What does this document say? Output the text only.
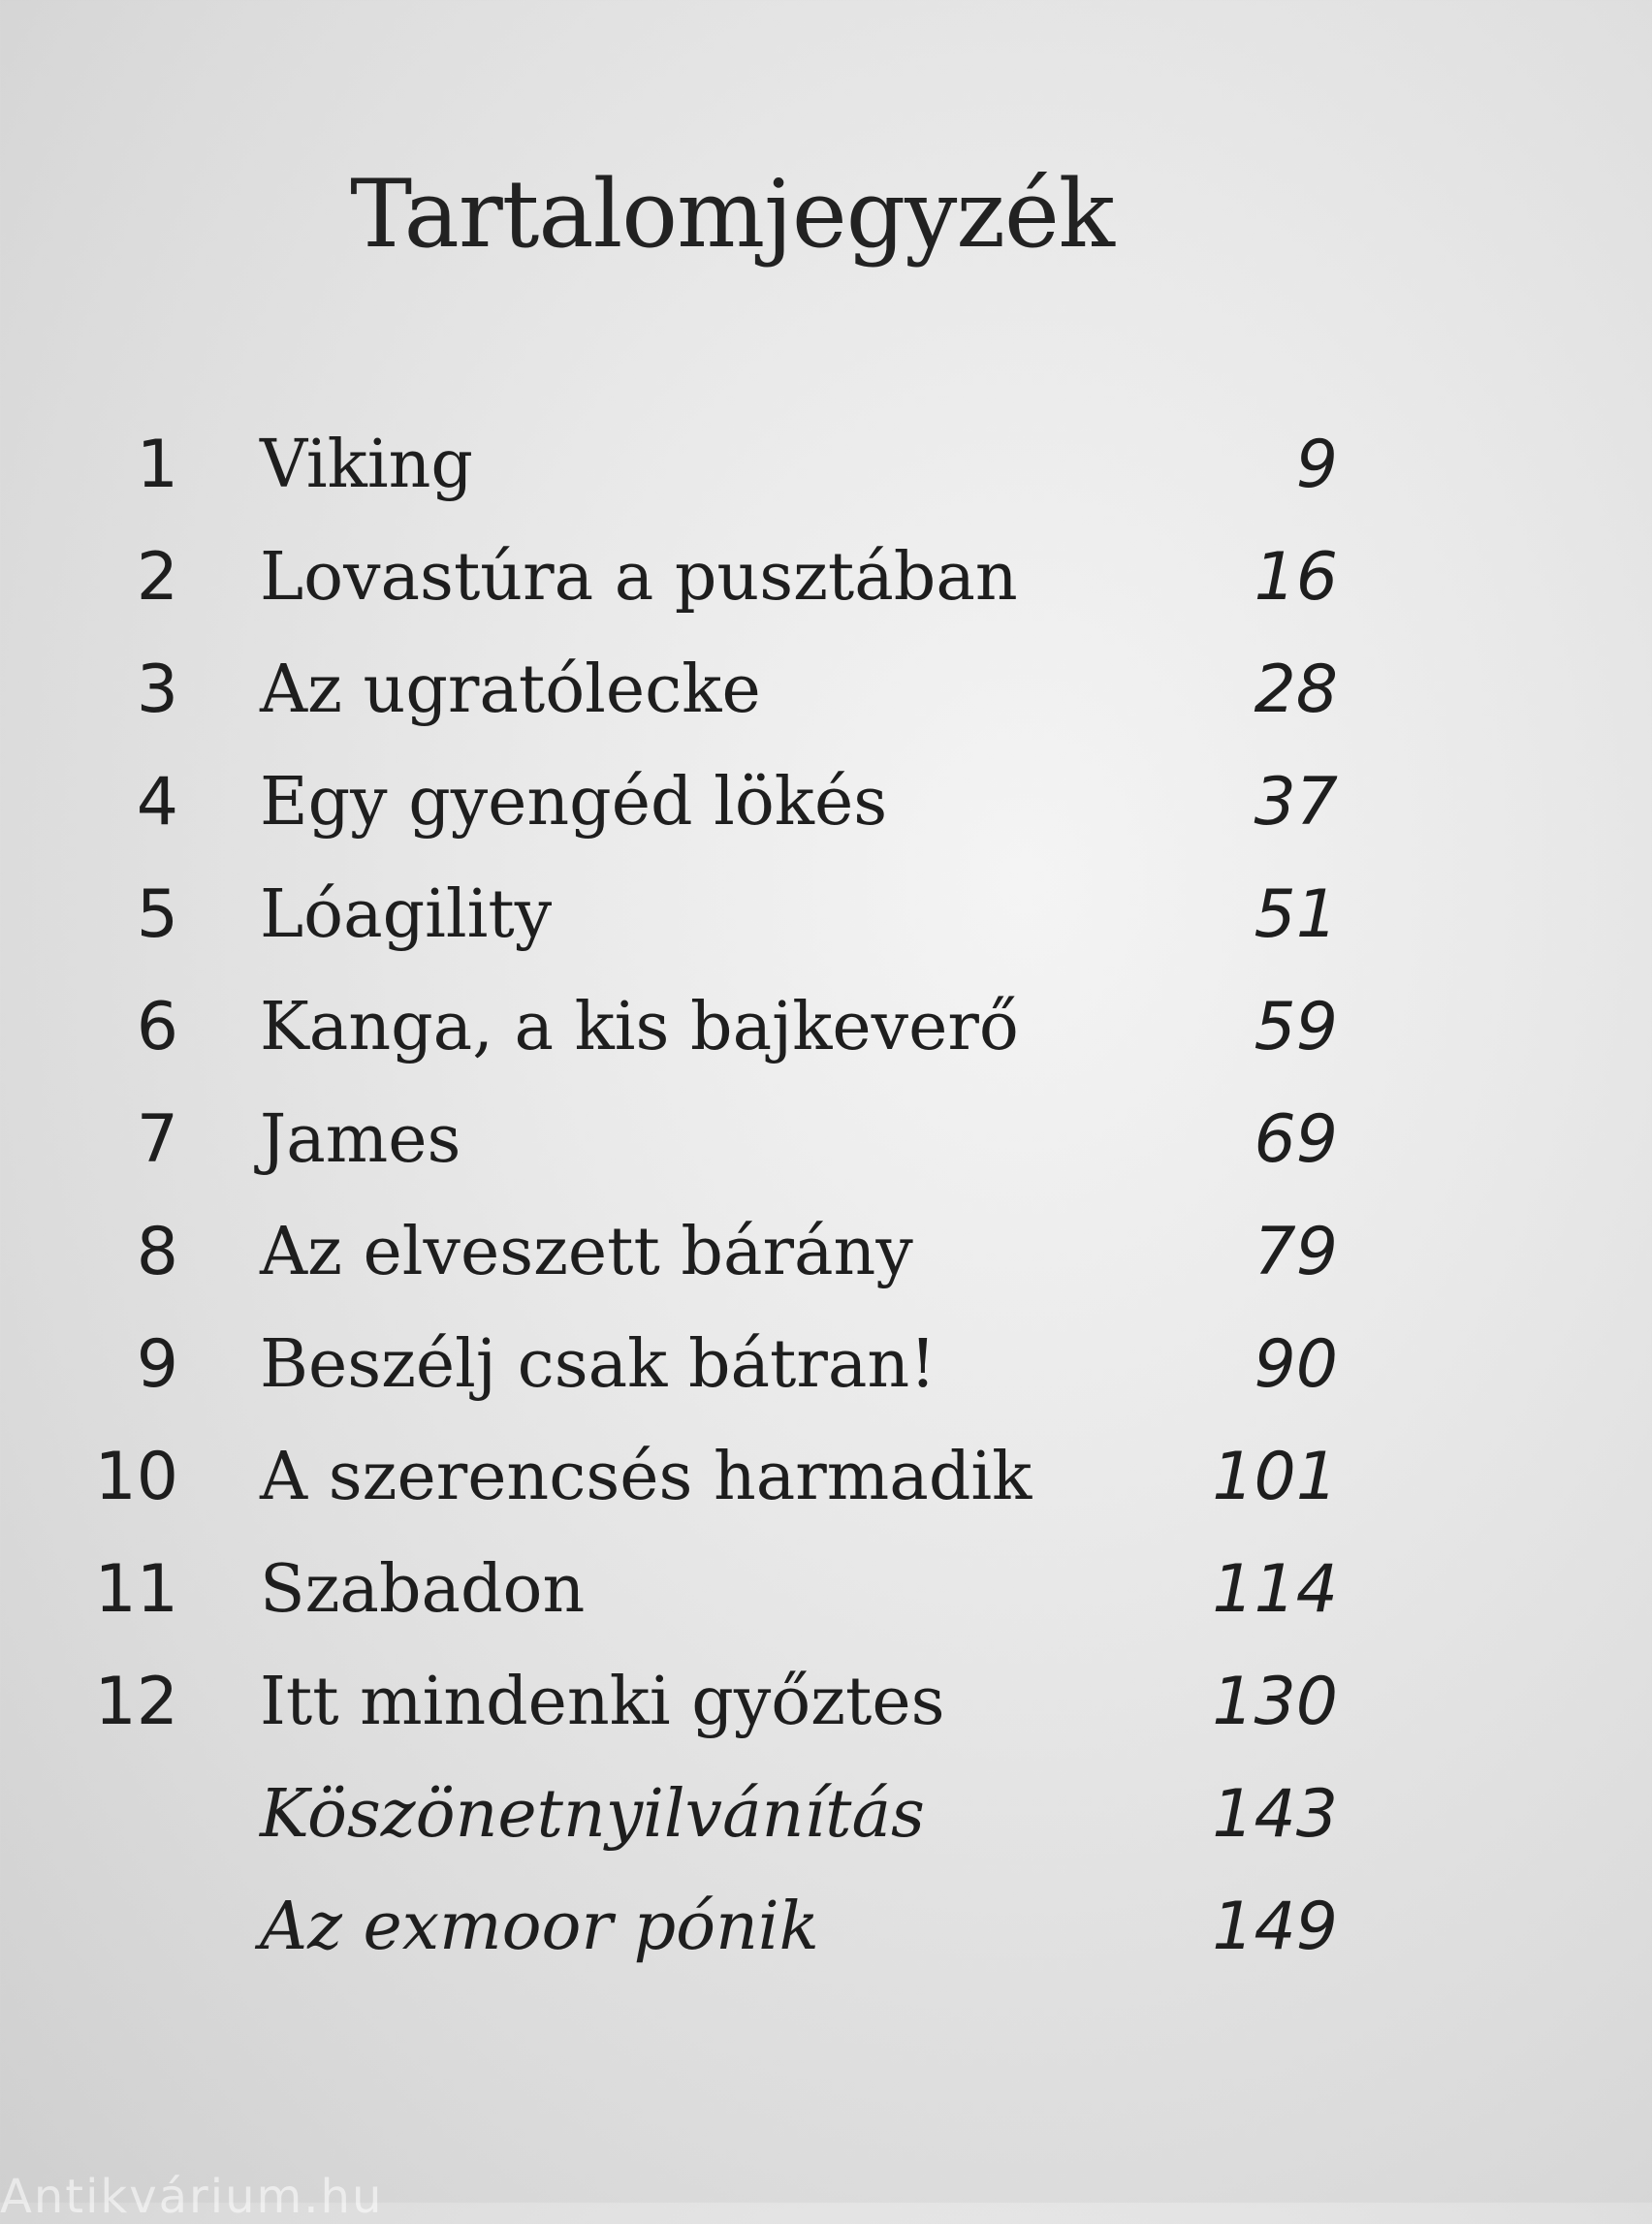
Tartalomjegyzék
1 Viking	9
2 Lovastúra a pusztában	16
3 Az ugratólecke	28
4 Egy gyengéd lökés	37
5 Lóagility	51
6 Kanga, a kis bajkeverő	59
7 James	69
8 Az elveszett bárány	79
9 Beszélj csak bátran!	90
10 A szerencsés harmadik	101
11 Szabadon	114
12 Itt mindenki győztes	130
Köszönetnyilvánítás	143
Az exmoor pónik	149
Antikvárium.hu
